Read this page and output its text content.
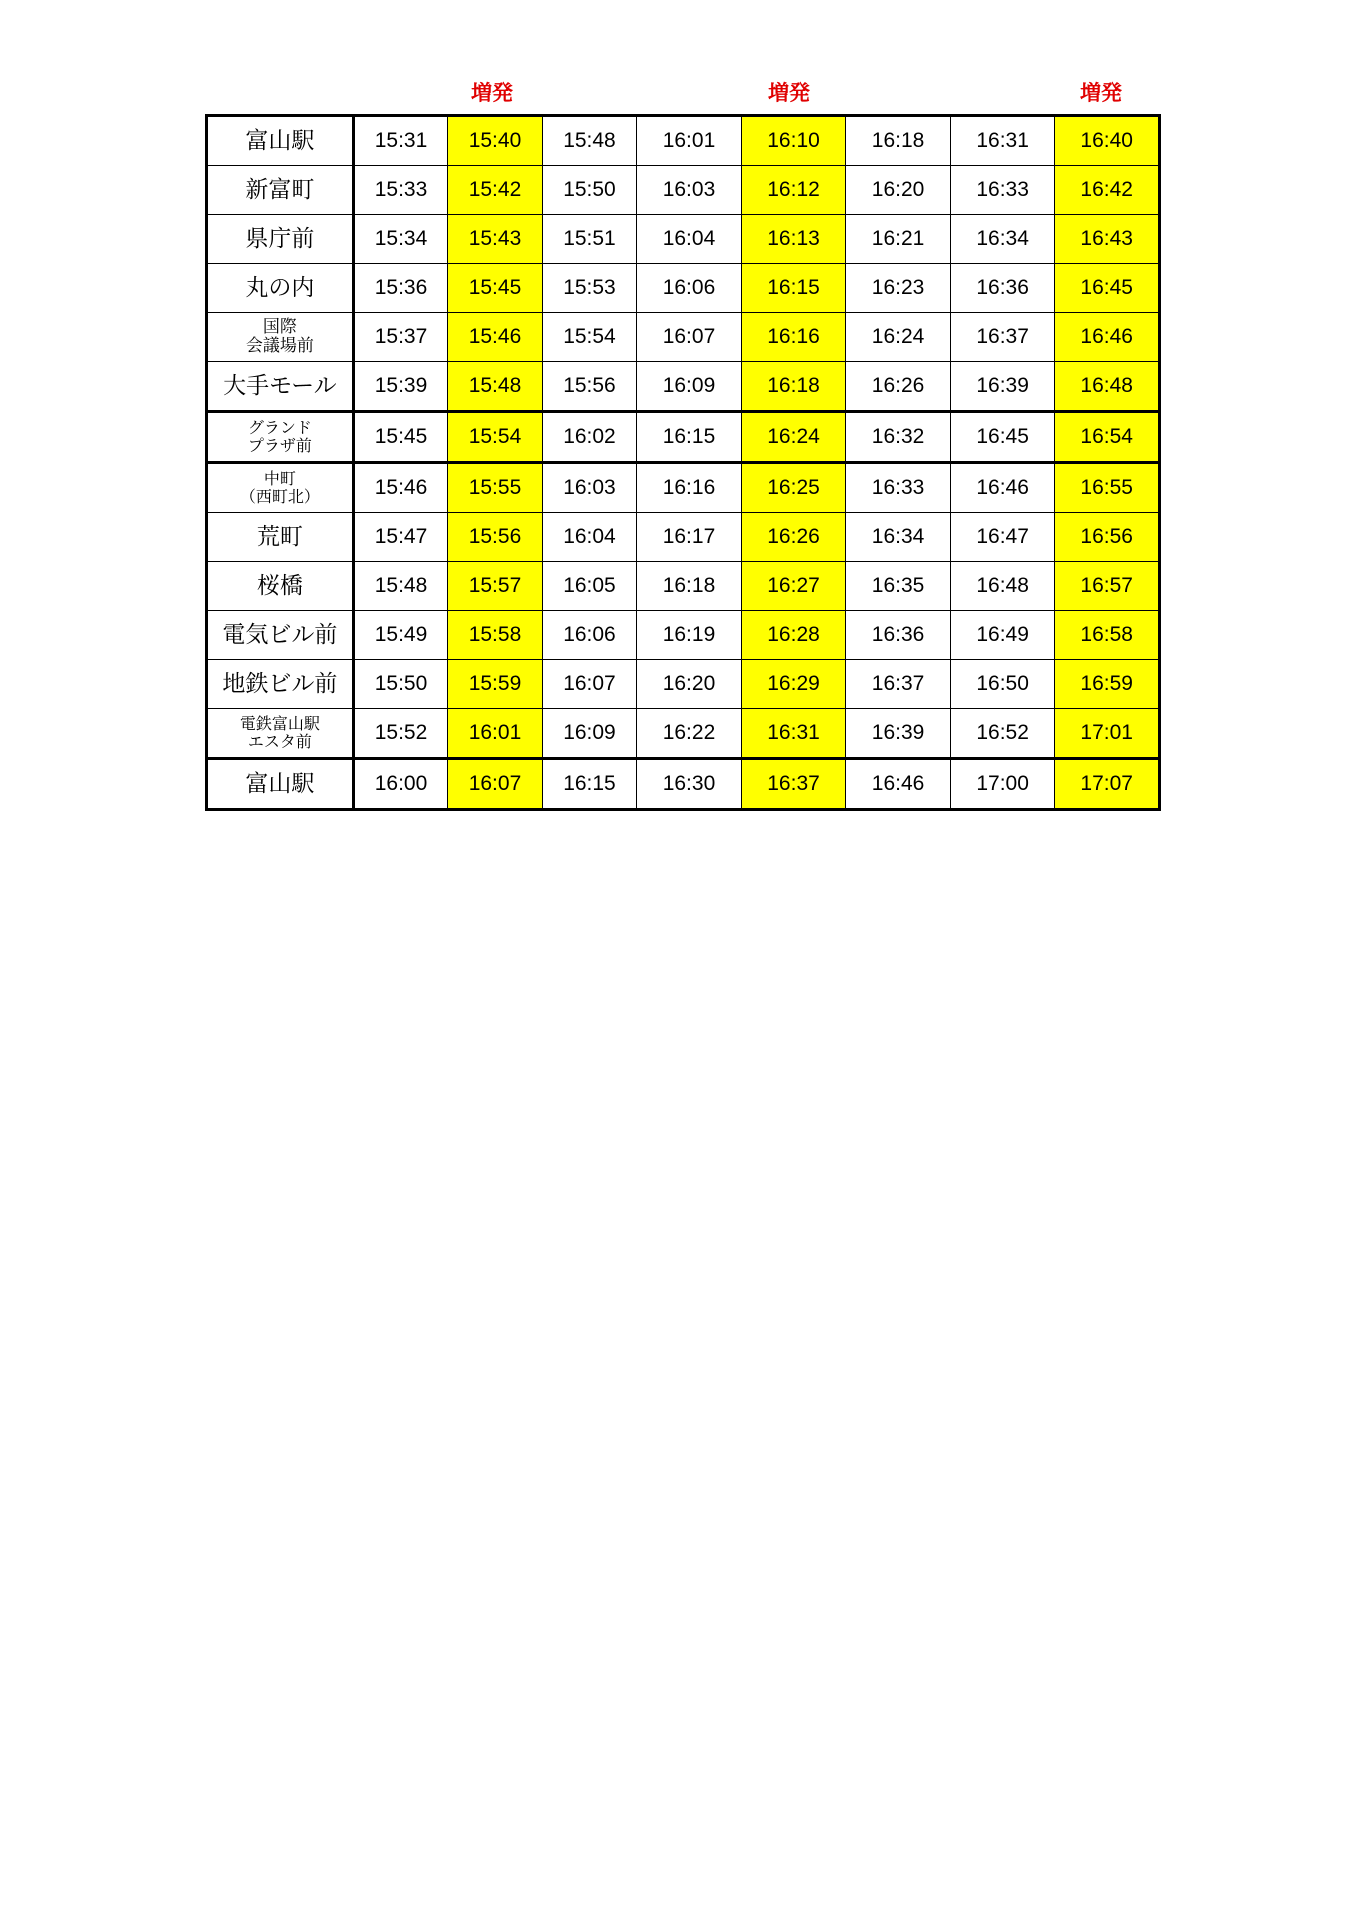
増発	増発	増発
富山駅	15:31	15:40	15:48	16:01	16:10	16:18	16:31	16:40

新富町	15:33	15:42	15:50	16:03	16:12	16:20	16:33	16:42

県庁前	15:34	15:43	15:51	16:04	16:13	16:21	16:34	16:43

丸の内	15:36	15:45	15:53	16:06	16:15	16:23	16:36	16:45

国際
会議場前	15:37	15:46	15:54	16:07	16:16	16:24	16:37	16:46

大手モール	15:39	15:48	15:56	16:09	16:18	16:26	16:39	16:48

グランド
プラザ前	15:45	15:54	16:02	16:15	16:24	16:32	16:45	16:54

中町
（西町北）	15:46	15:55	16:03	16:16	16:25	16:33	16:46	16:55

荒町	15:47	15:56	16:04	16:17	16:26	16:34	16:47	16:56

桜橋	15:48	15:57	16:05	16:18	16:27	16:35	16:48	16:57

電気ビル前	15:49	15:58	16:06	16:19	16:28	16:36	16:49	16:58

地鉄ビル前	15:50	15:59	16:07	16:20	16:29	16:37	16:50	16:59

電鉄富山駅
エスタ前	15:52	16:01	16:09	16:22	16:31	16:39	16:52	17:01

富山駅	16:00	16:07	16:15	16:30	16:37	16:46	17:00	17:07
